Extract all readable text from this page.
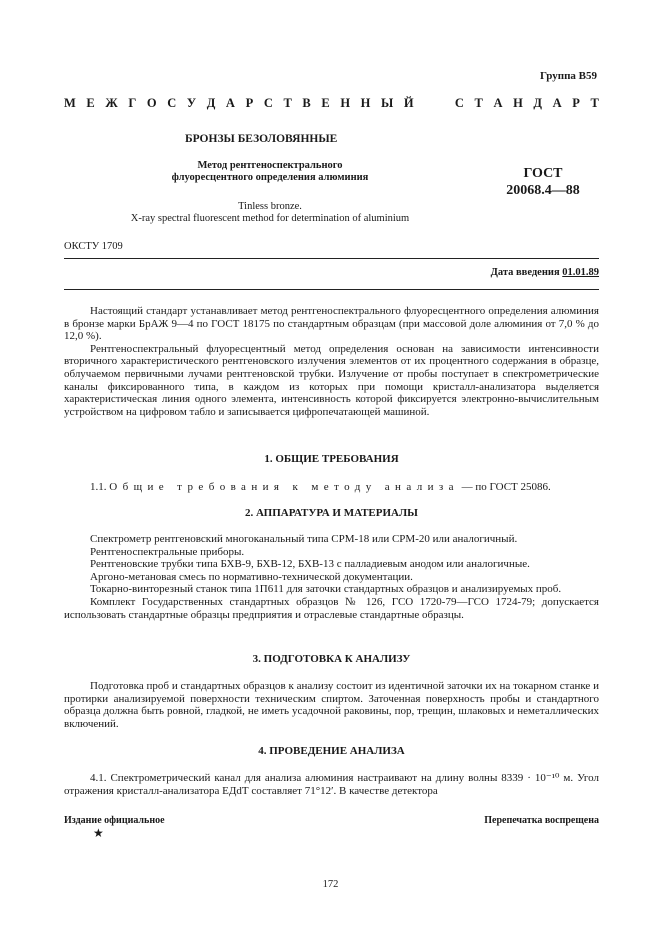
Группа В59
М Е Ж Г О С У Д А Р С Т В Е Н Н Ы Й	С Т А Н Д А Р Т
БРОНЗЫ БЕЗОЛОВЯННЫЕ
Метод рентгеноспектрального
флуоресцентного определения алюминия	ГОСТ
20068.4—88
Tinless bronze.
X-ray spectral fluorescent method for determination of aluminium
ОКСТУ 1709
Дата введения 01.01.89

Настоящий стандарт устанавливает метод рентгеноспектрального флуоресцентного определения алюминия в бронзе марки БрАЖ 9—4 по ГОСТ 18175 по стандартным образцам (при массовой доле алюминия от 7,0 % до 12,0 %).

Рентгеноспектральный флуоресцентный метод определения основан на зависимости интенсивности вторичного характеристического рентгеновского излучения элементов от их процентного содержания в образце, облучаемом первичными лучами рентгеновской трубки. Излучение от пробы поступает в спектрометрические каналы фиксированного типа, в каждом из которых при помощи кристалл-анализатора выделяется характеристическая линия одного элемента, интенсивность которой фиксируется электронно-вычислительным устройством на цифровом табло и записывается цифропечатающей машиной.

1. ОБЩИЕ ТРЕБОВАНИЯ

1.1. Общие требования к методу анализа — по ГОСТ 25086.

2. АППАРАТУРА И МАТЕРИАЛЫ

Спектрометр рентгеновский многоканальный типа СРМ-18 или СРМ-20 или аналогичный.

Рентгеноспектральные приборы.

Рентгеновские трубки типа БХВ-9, БХВ-12, БХВ-13 с палладиевым анодом или аналогичные.

Аргоно-метановая смесь по нормативно-технической документации.

Токарно-винторезный станок типа 1П611 для заточки стандартных образцов и анализируемых проб.

Комплект Государственных стандартных образцов № 126, ГСО 1720-79—ГСО 1724-79; допускается использовать стандартные образцы предприятия и отраслевые стандартные образцы.

3. ПОДГОТОВКА К АНАЛИЗУ

Подготовка проб и стандартных образцов к анализу состоит из идентичной заточки их на токарном станке и протирки анализируемой поверхности техническим спиртом. Заточенная поверхность пробы и стандартного образца должна быть ровной, гладкой, не иметь усадочной раковины, пор, трещин, шлаковых и неметаллических включений.

4. ПРОВЕДЕНИЕ АНАЛИЗА

4.1. Спектрометрический канал для анализа алюминия настраивают на длину волны 8339 · 10⁻¹⁰ м. Угол отражения кристалл-анализатора ЕДdТ составляет 71°12′. В качестве детектора

Издание официальное	Перепечатка воспрещена
★
172
